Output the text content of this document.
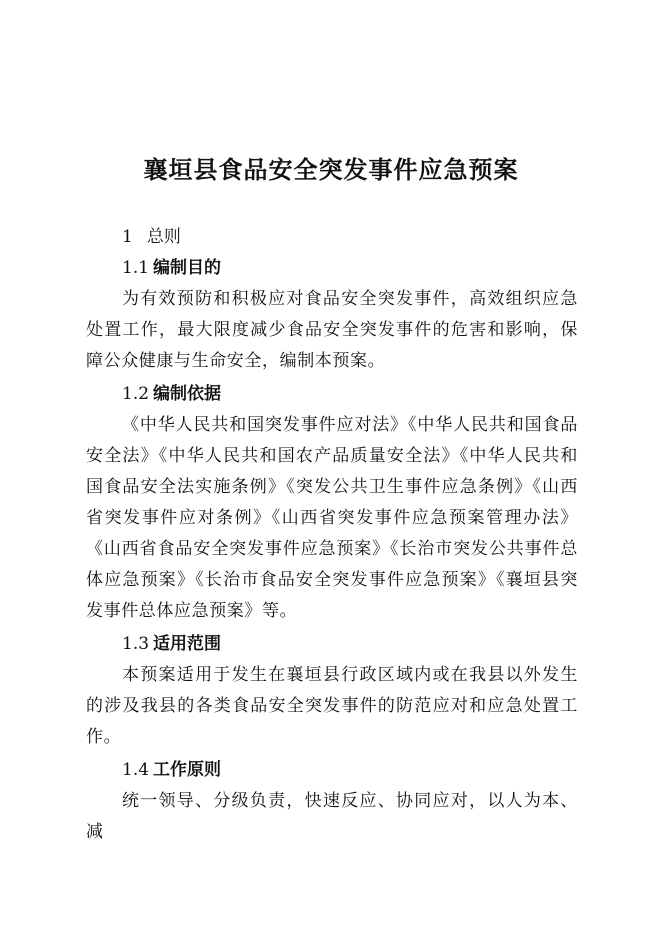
襄垣县食品安全突发事件应急预案
1 总则
1.1 编制目的
为有效预防和积极应对食品安全突发事件，高效组织应急处置工作，最大限度减少食品安全突发事件的危害和影响，保障公众健康与生命安全，编制本预案。
1.2 编制依据
《中华人民共和国突发事件应对法》《中华人民共和国食品安全法》《中华人民共和国农产品质量安全法》《中华人民共和国食品安全法实施条例》《突发公共卫生事件应急条例》《山西省突发事件应对条例》《山西省突发事件应急预案管理办法》《山西省食品安全突发事件应急预案》《长治市突发公共事件总体应急预案》《长治市食品安全突发事件应急预案》《襄垣县突发事件总体应急预案》等。
1.3 适用范围
本预案适用于发生在襄垣县行政区域内或在我县以外发生的涉及我县的各类食品安全突发事件的防范应对和应急处置工作。
1.4 工作原则
统一领导、分级负责，快速反应、协同应对，以人为本、减
